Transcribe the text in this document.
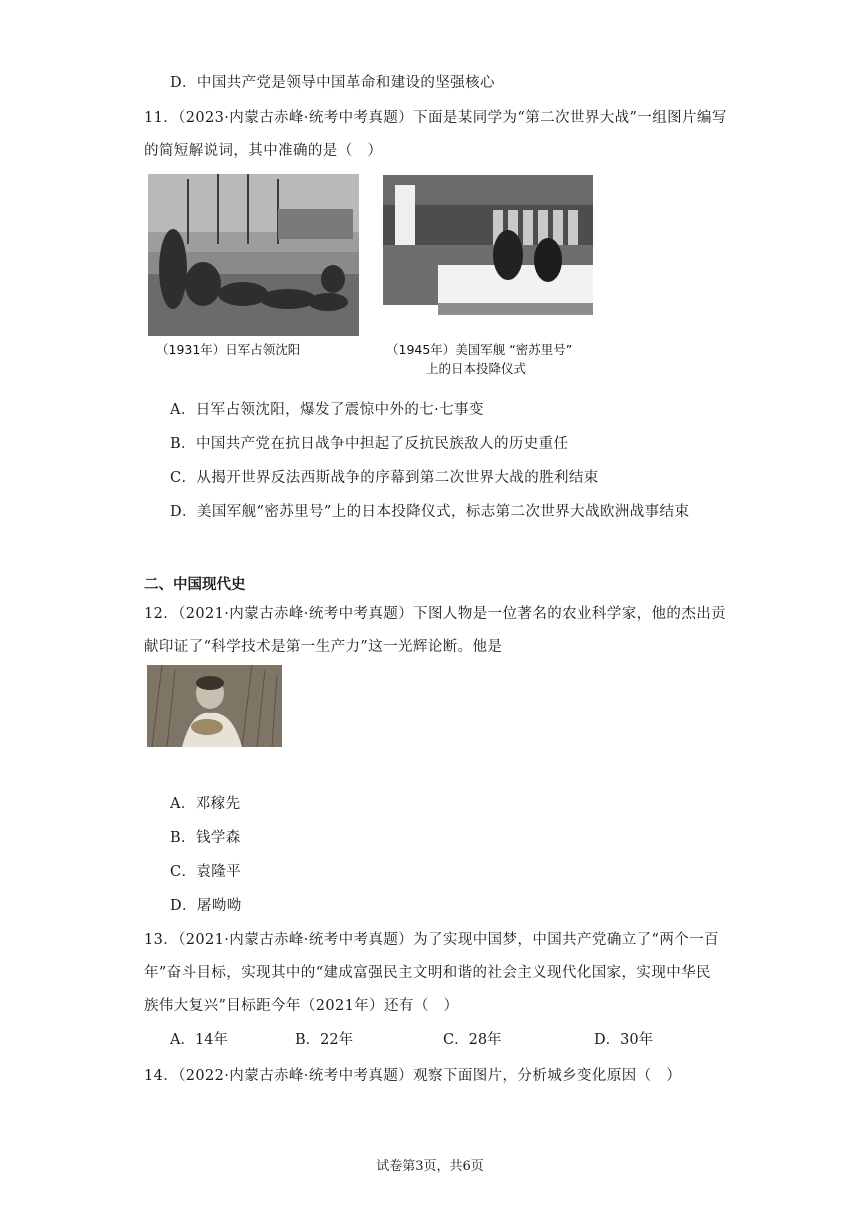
D．中国共产党是领导中国革命和建设的坚强核心
11．（2023·内蒙古赤峰·统考中考真题）下面是某同学为“第二次世界大战”一组图片编写
的简短解说词，其中准确的是（　）
（1931年）日军占领沈阳	（1945年）美国军舰 “密苏里号”
上的日本投降仪式
A．日军占领沈阳，爆发了震惊中外的七·七事变
B．中国共产党在抗日战争中担起了反抗民族敌人的历史重任
C．从揭开世界反法西斯战争的序幕到第二次世界大战的胜利结束
D．美国军舰“密苏里号”上的日本投降仪式，标志第二次世界大战欧洲战事结束
二、中国现代史
12．（2021·内蒙古赤峰·统考中考真题）下图人物是一位著名的农业科学家，他的杰出贡
献印证了“科学技术是第一生产力”这一光辉论断。他是
A．邓稼先
B．钱学森
C．袁隆平
D．屠呦呦
13．（2021·内蒙古赤峰·统考中考真题）为了实现中国梦，中国共产党确立了“两个一百
年”奋斗目标，实现其中的“建成富强民主文明和谐的社会主义现代化国家，实现中华民
族伟大复兴”目标距今年（2021年）还有（　）
A．14年	B．22年	C．28年	D．30年
14．（2022·内蒙古赤峰·统考中考真题）观察下面图片，分析城乡变化原因（　）
试卷第3页，共6页
